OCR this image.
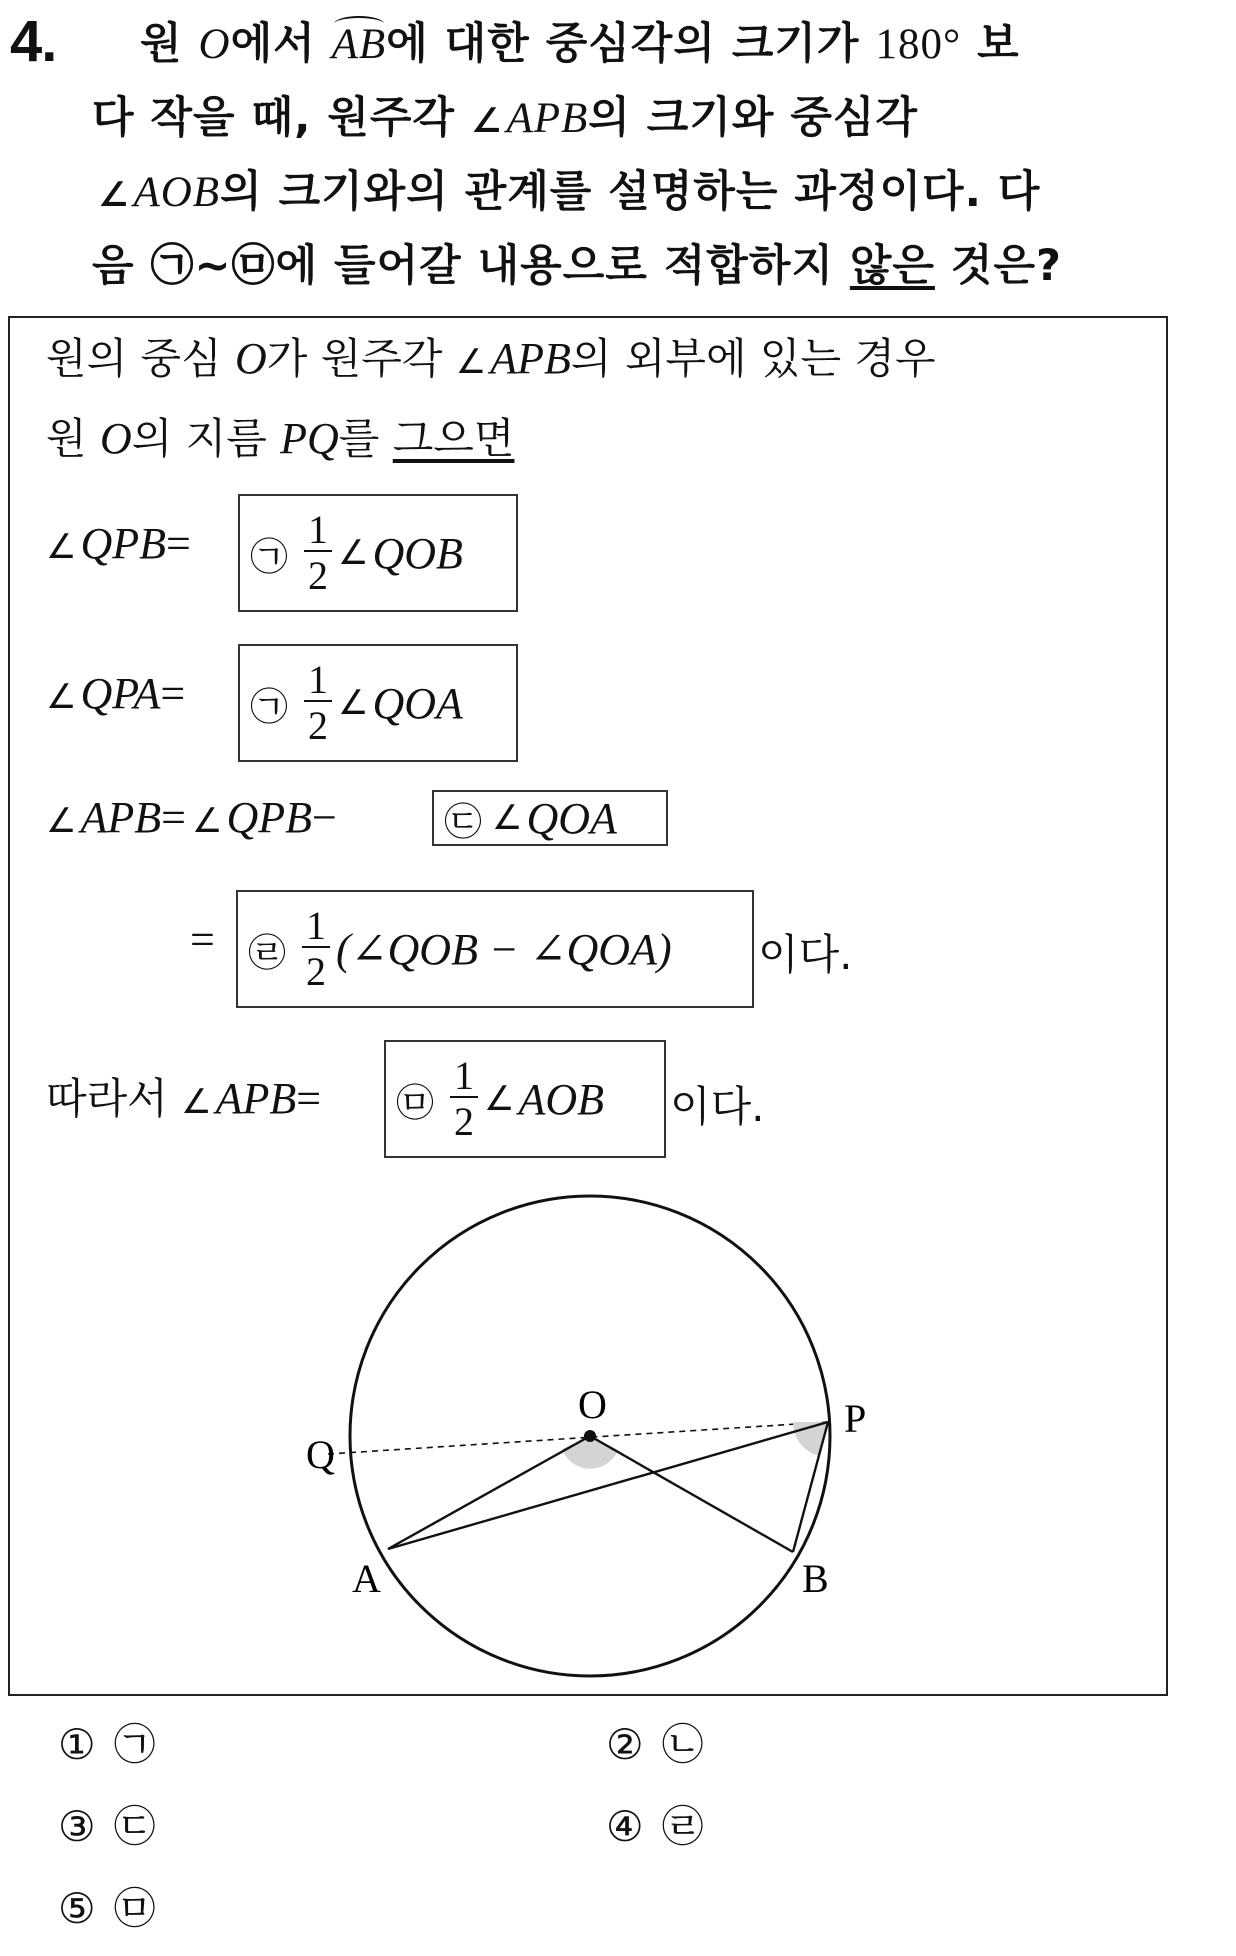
4. 원 O에서 AB에 대한 중심각의 크기가 180° 보
다 작을 때, 원주각 ∠APB의 크기와 중심각
∠AOB의 크기와의 관계를 설명하는 과정이다. 다
음 ㉠~㉤에 들어갈 내용으로 적합하지 않은 것은?
원의 중심 O가 원주각 ∠APB의 외부에 있는 경우
원 O의 지름 PQ를 그으면
∠QPB= ㉠ $\frac{1}{2}$ ∠ QOB
∠QPA= ㉠ $\frac{1}{2}$ ∠ QOA
∠APB= ∠QPB−	㉢ ∠ QOA
= ㉣ $\frac{1}{2}$ (∠QOB − ∠QOA) 이다.
따라서 ∠APB= ㉤ $\frac{1}{2}$ ∠ AOB 이다.
O	P
Q
A	B
① ㉠	② ㉡
③ ㉢	④ ㉣
⑤ ㉤
